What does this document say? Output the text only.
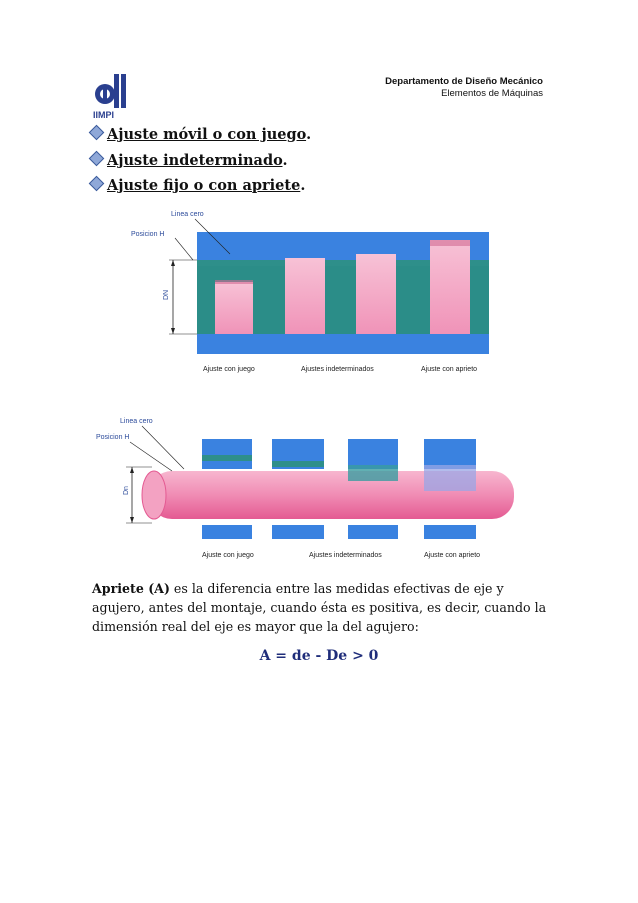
IIMPI
Departamento de Diseño Mecánico
Elementos de Máquinas
Ajuste móvil o con juego.
Ajuste indeterminado.
Ajuste fijo o con apriete.
DN
Linea cero
Posicion H
Ajuste con juego	Ajustes indeterminados	Ajuste con aprieto
Dn
Linea cero
Posicion H
Ajuste con juego	Ajustes indeterminados	Ajuste con aprieto
Apriete (A) es la diferencia entre las medidas efectivas de eje y agujero, antes del montaje, cuando ésta es positiva, es decir, cuando la dimensión real del eje es mayor que la del agujero:
A = de - De > 0
